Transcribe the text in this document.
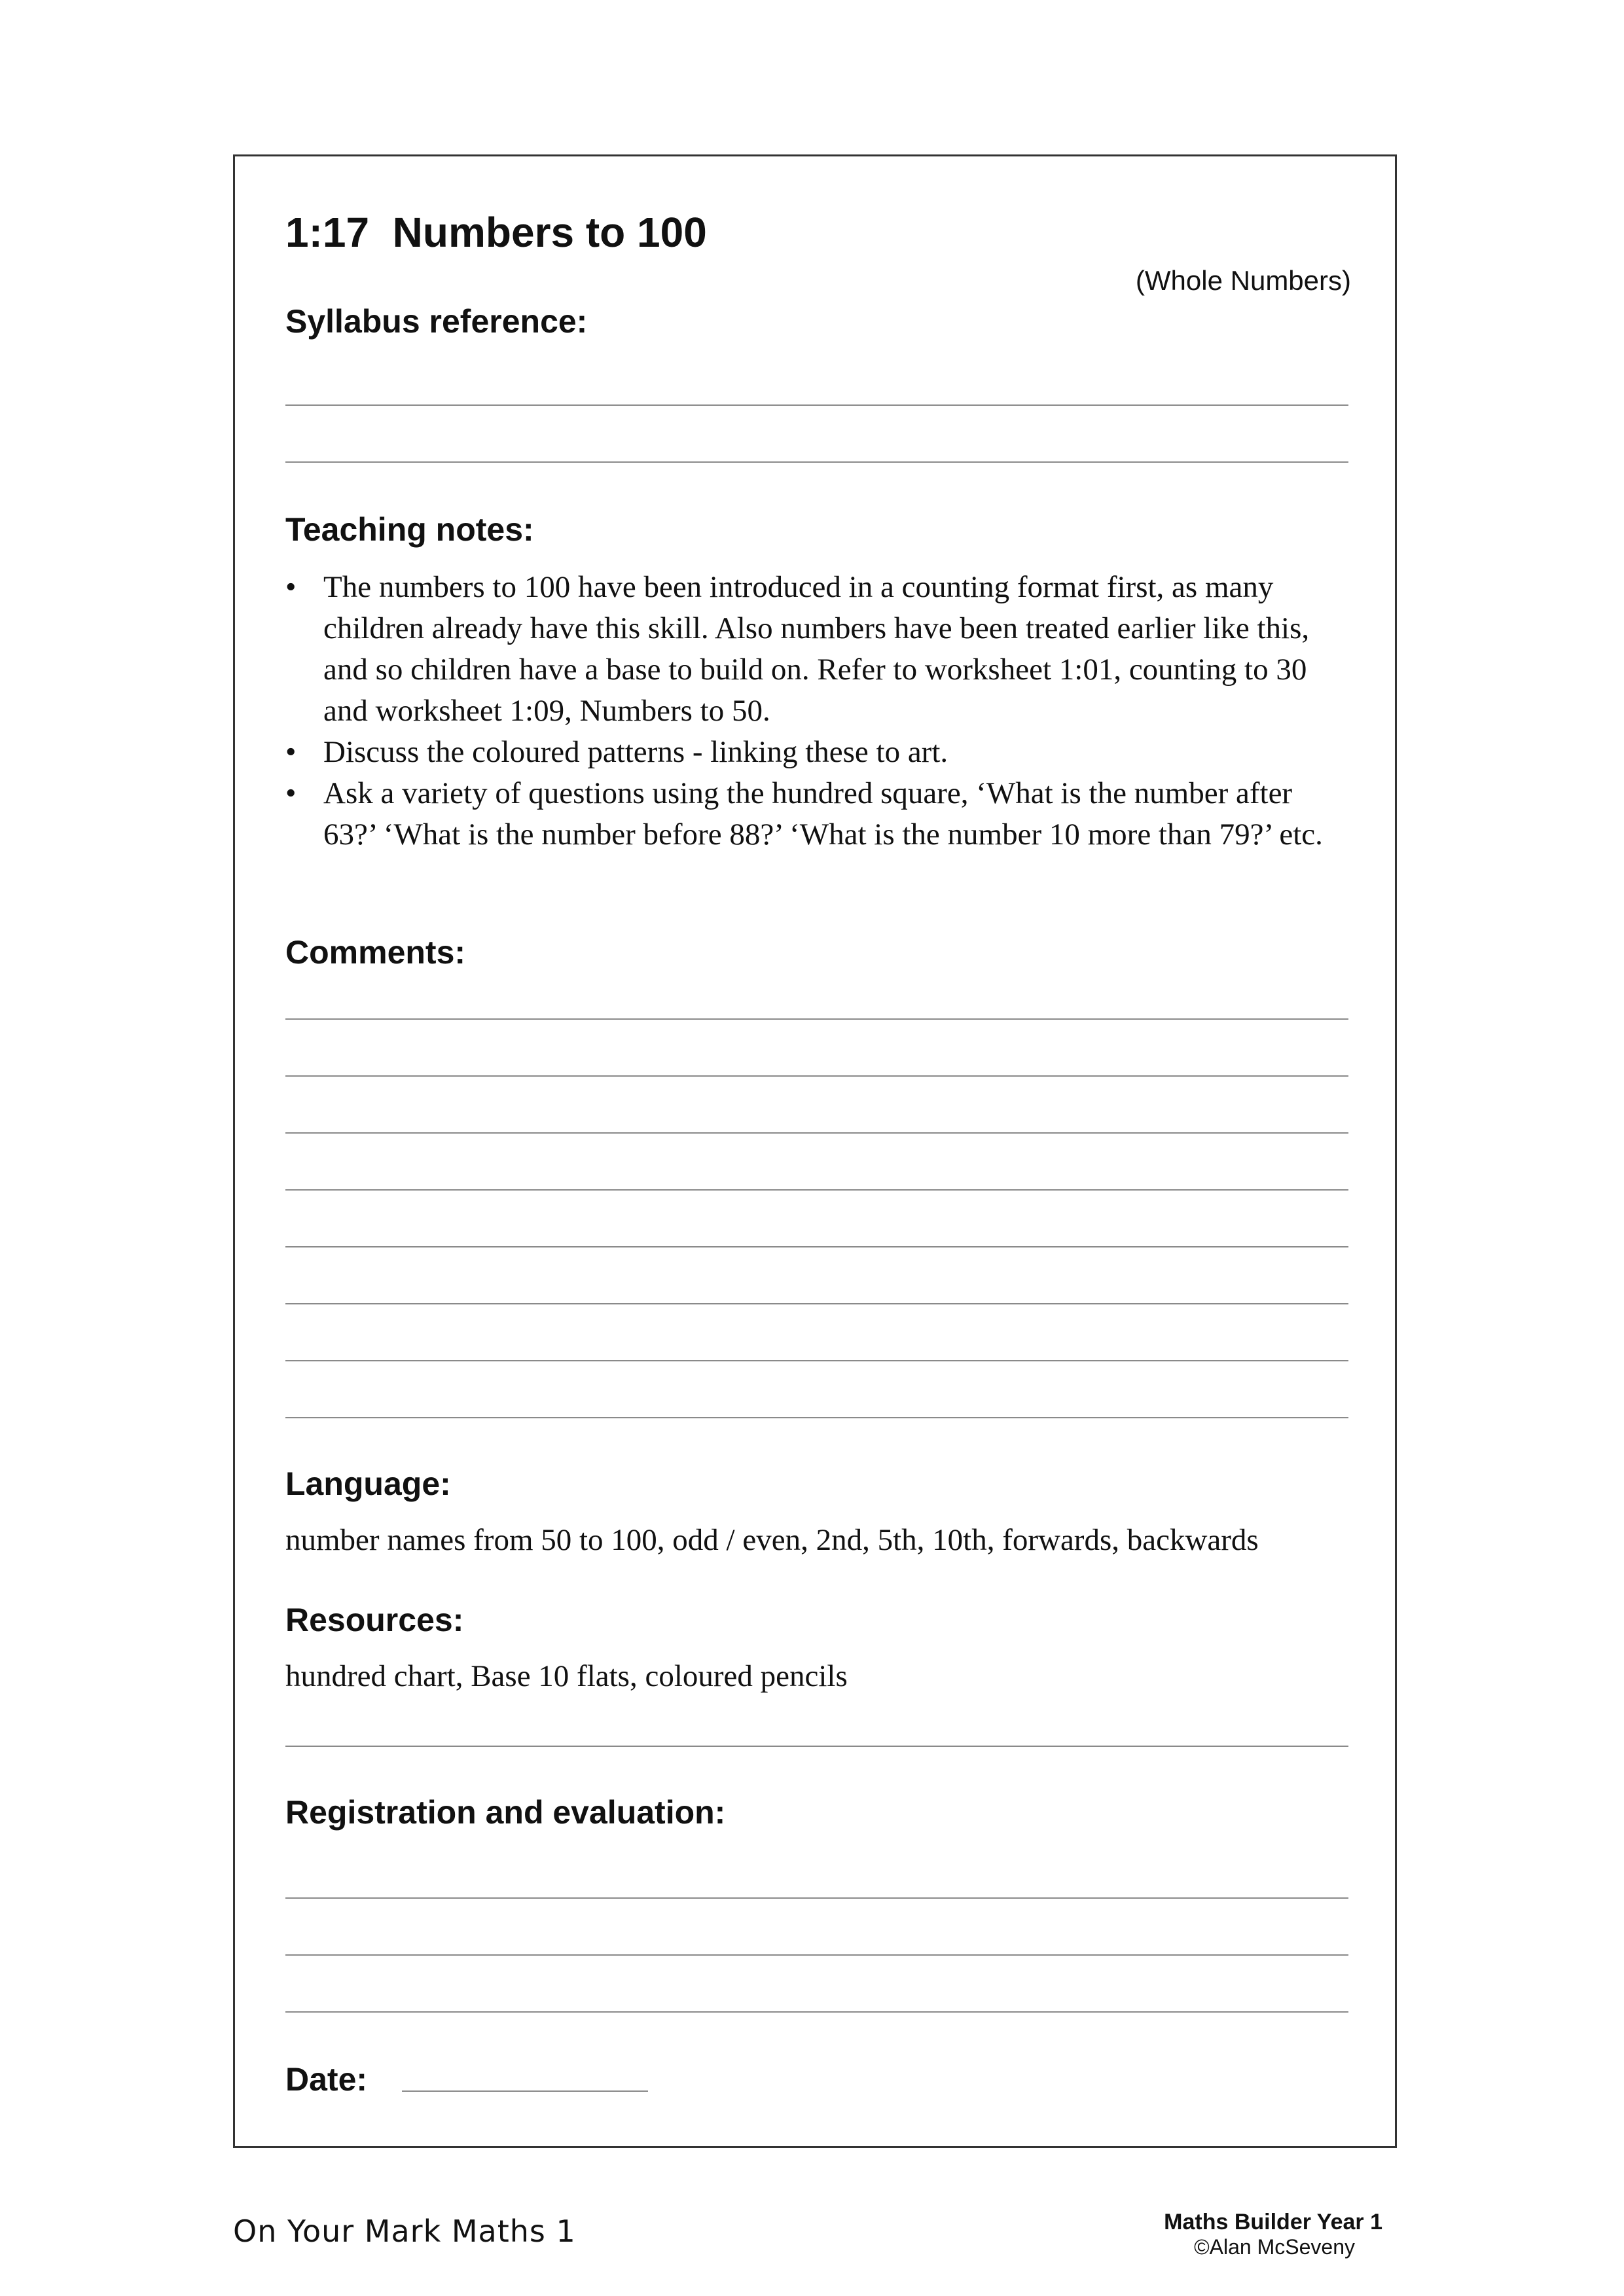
1:17  Numbers to 100
(Whole Numbers)
Syllabus reference:
Teaching notes:
• The numbers to 100 have been introduced in a counting format first, as many children already have this skill. Also numbers have been treated earlier like this, and so children have a base to build on. Refer to worksheet 1:01, counting to 30 and worksheet 1:09, Numbers to 50.
• Discuss the coloured patterns - linking these to art.
• Ask a variety of questions using the hundred square, ‘What is the number after 63?’ ‘What is the number before 88?’ ‘What is the number 10 more than 79?’ etc.
Comments:
Language:
number names from 50 to 100, odd / even, 2nd, 5th, 10th, forwards, backwards
Resources:
hundred chart, Base 10 flats, coloured pencils
Registration and evaluation:
Date:
On Your Mark Maths 1	Maths Builder Year 1
©Alan McSeveny
